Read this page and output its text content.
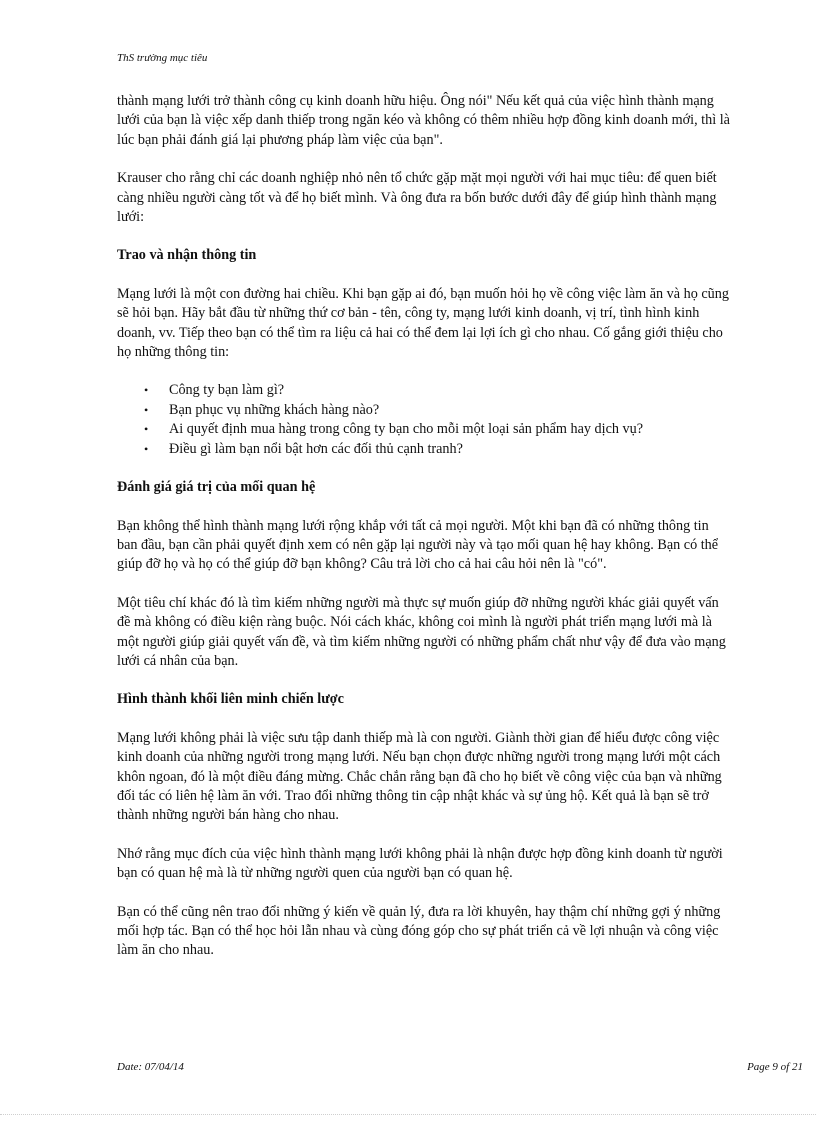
ThS trường mục tiêu

thành mạng lưới trở thành công cụ kinh doanh hữu hiệu. Ông nói" Nếu kết quả của việc hình thành mạng lưới của bạn là việc xếp danh thiếp trong ngăn kéo và không có thêm nhiều hợp đồng kinh doanh mới, thì là lúc bạn phải đánh giá lại phương pháp làm việc của bạn".

Krauser cho rằng chỉ các doanh nghiệp nhỏ nên tổ chức gặp mặt mọi người với hai mục tiêu: để quen biết càng nhiều người càng tốt và để họ biết mình. Và ông đưa ra bốn bước dưới đây để giúp hình thành mạng lưới:

Trao và nhận thông tin

Mạng lưới là một con đường hai chiều. Khi bạn gặp ai đó, bạn muốn hỏi họ về công việc làm ăn và họ cũng sẽ hỏi bạn. Hãy bắt đầu từ những thứ cơ bản - tên, công ty, mạng lưới kinh doanh, vị trí, tình hình kinh doanh, vv. Tiếp theo bạn có thể tìm ra liệu cả hai có thể đem lại lợi ích gì cho nhau. Cố gắng giới thiệu cho họ những thông tin:

• Công ty bạn làm gì?
• Bạn phục vụ những khách hàng nào?
• Ai quyết định mua hàng trong công ty bạn cho mỗi một loại sản phẩm hay dịch vụ?
• Điều gì làm bạn nổi bật hơn các đối thủ cạnh tranh?
Đánh giá giá trị của mối quan hệ

Bạn không thể hình thành mạng lưới rộng khắp với tất cả mọi người. Một khi bạn đã có những thông tin ban đầu, bạn cần phải quyết định xem có nên gặp lại người này và tạo mối quan hệ hay không. Bạn có thể giúp đỡ họ và họ có thể giúp đỡ bạn không? Câu trả lời cho cả hai câu hỏi nên là "có".

Một tiêu chí khác đó là tìm kiếm những người mà thực sự muốn giúp đỡ những người khác giải quyết vấn đề mà không có điều kiện ràng buộc. Nói cách khác, không coi mình là người phát triển mạng lưới mà là một người giúp giải quyết vấn đề, và tìm kiếm những người có những phẩm chất như vậy để đưa vào mạng lưới cá nhân của bạn.

Hình thành khối liên minh chiến lược

Mạng lưới không phải là việc sưu tập danh thiếp mà là con người. Giành thời gian để hiểu được công việc kinh doanh của những người trong mạng lưới. Nếu bạn chọn được những người trong mạng lưới một cách khôn ngoan, đó là một điều đáng mừng. Chắc chắn rằng bạn đã cho họ biết về công việc của bạn và những đối tác có liên hệ làm ăn với. Trao đổi những thông tin cập nhật khác và sự ủng hộ. Kết quả là bạn sẽ trở thành những người bán hàng cho nhau.

Nhớ rằng mục đích của việc hình thành mạng lưới không phải là nhận được hợp đồng kinh doanh từ người bạn có quan hệ mà là từ những người quen của người bạn có quan hệ.

Bạn có thể cũng nên trao đổi những ý kiến về quản lý, đưa ra lời khuyên, hay thậm chí những gợi ý những mối hợp tác. Bạn có thể học hỏi lẫn nhau và cùng đóng góp cho sự phát triển cả về lợi nhuận và công việc làm ăn cho nhau.

Date: 07/04/14	Page 9 of 21
